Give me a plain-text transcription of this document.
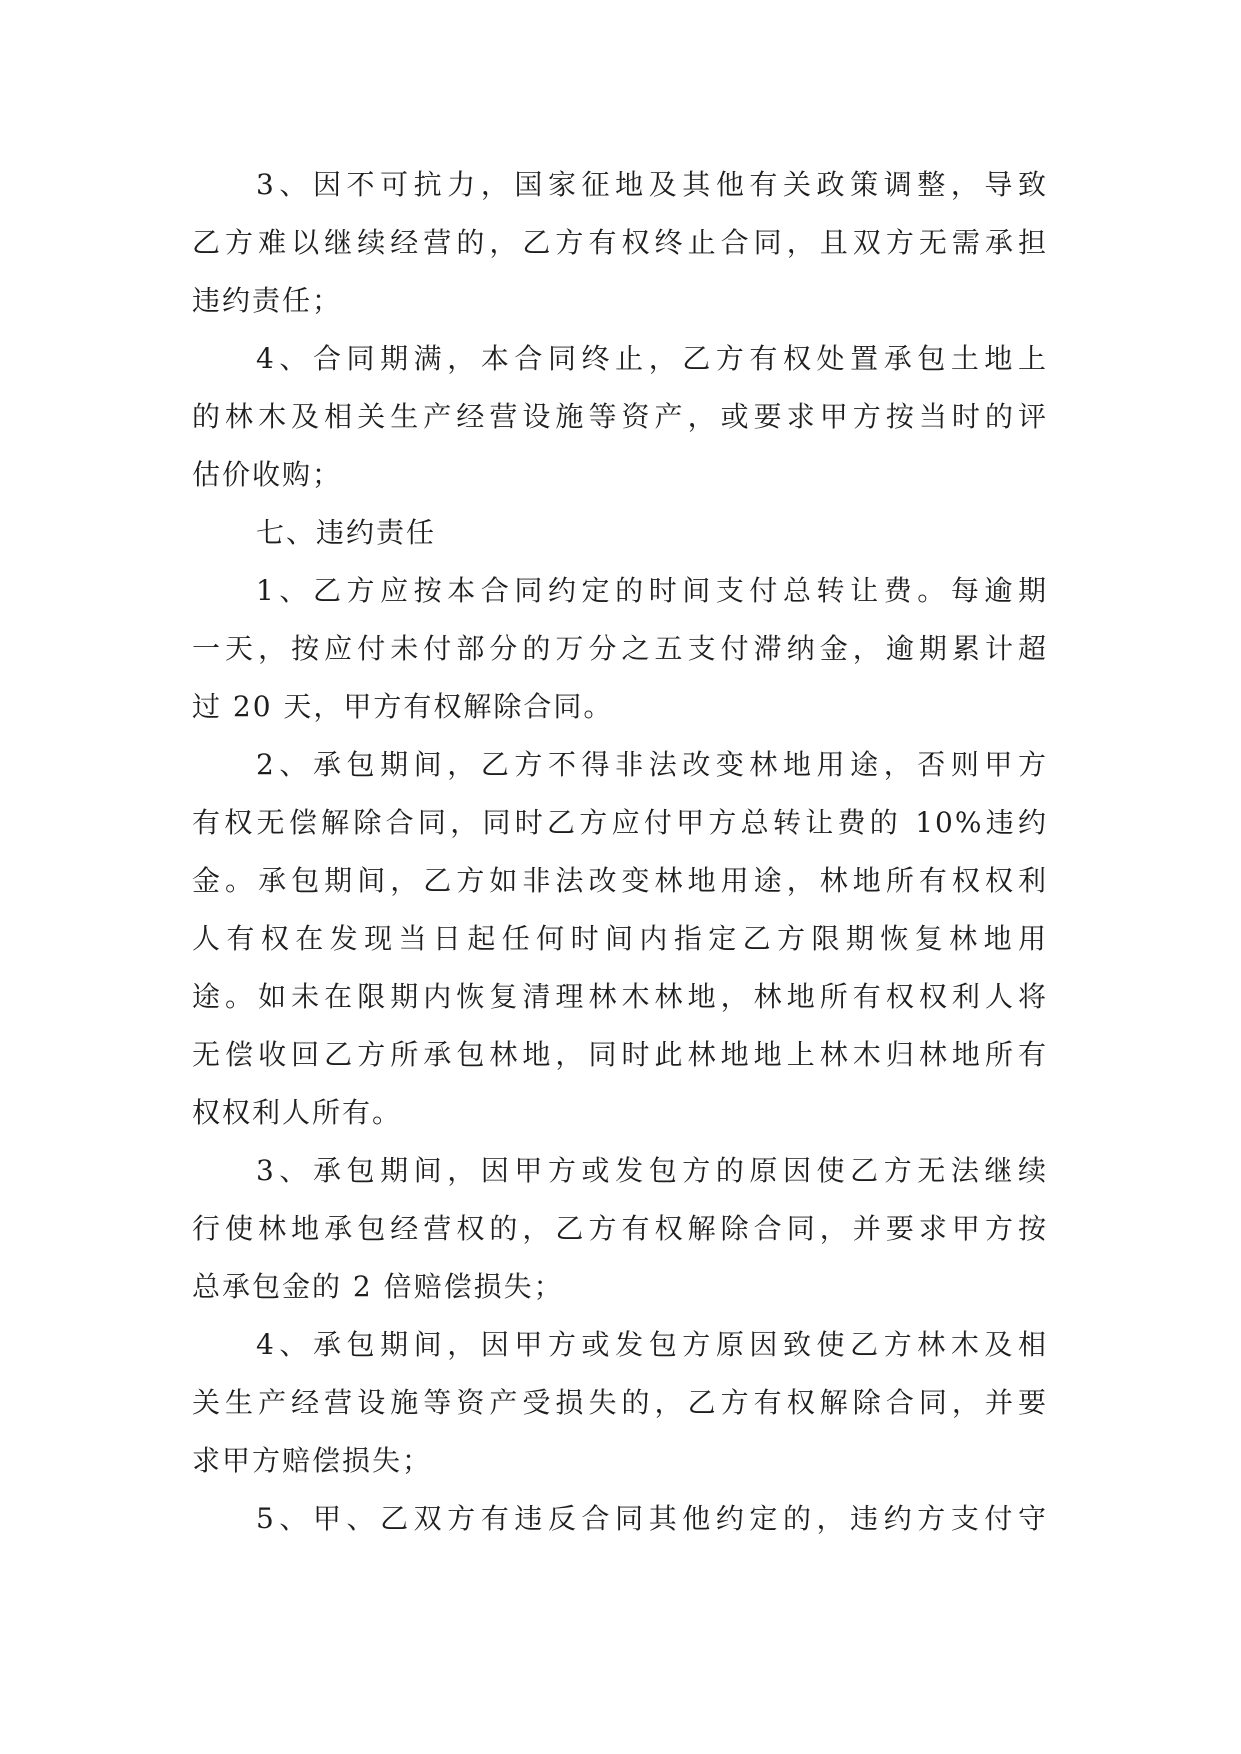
3、因不可抗力，国家征地及其他有关政策调整，导致
乙方难以继续经营的，乙方有权终止合同，且双方无需承担
违约责任；
4、合同期满，本合同终止，乙方有权处置承包土地上
的林木及相关生产经营设施等资产，或要求甲方按当时的评
估价收购；
七、违约责任
1、乙方应按本合同约定的时间支付总转让费。每逾期
一天，按应付未付部分的万分之五支付滞纳金，逾期累计超
过 20 天，甲方有权解除合同。
2、承包期间，乙方不得非法改变林地用途，否则甲方
有权无偿解除合同，同时乙方应付甲方总转让费的 10%违约
金。承包期间，乙方如非法改变林地用途，林地所有权权利
人有权在发现当日起任何时间内指定乙方限期恢复林地用
途。如未在限期内恢复清理林木林地，林地所有权权利人将
无偿收回乙方所承包林地，同时此林地地上林木归林地所有
权权利人所有。
3、承包期间，因甲方或发包方的原因使乙方无法继续
行使林地承包经营权的，乙方有权解除合同，并要求甲方按
总承包金的 2 倍赔偿损失；
4、承包期间，因甲方或发包方原因致使乙方林木及相
关生产经营设施等资产受损失的，乙方有权解除合同，并要
求甲方赔偿损失；
5、甲、乙双方有违反合同其他约定的，违约方支付守
